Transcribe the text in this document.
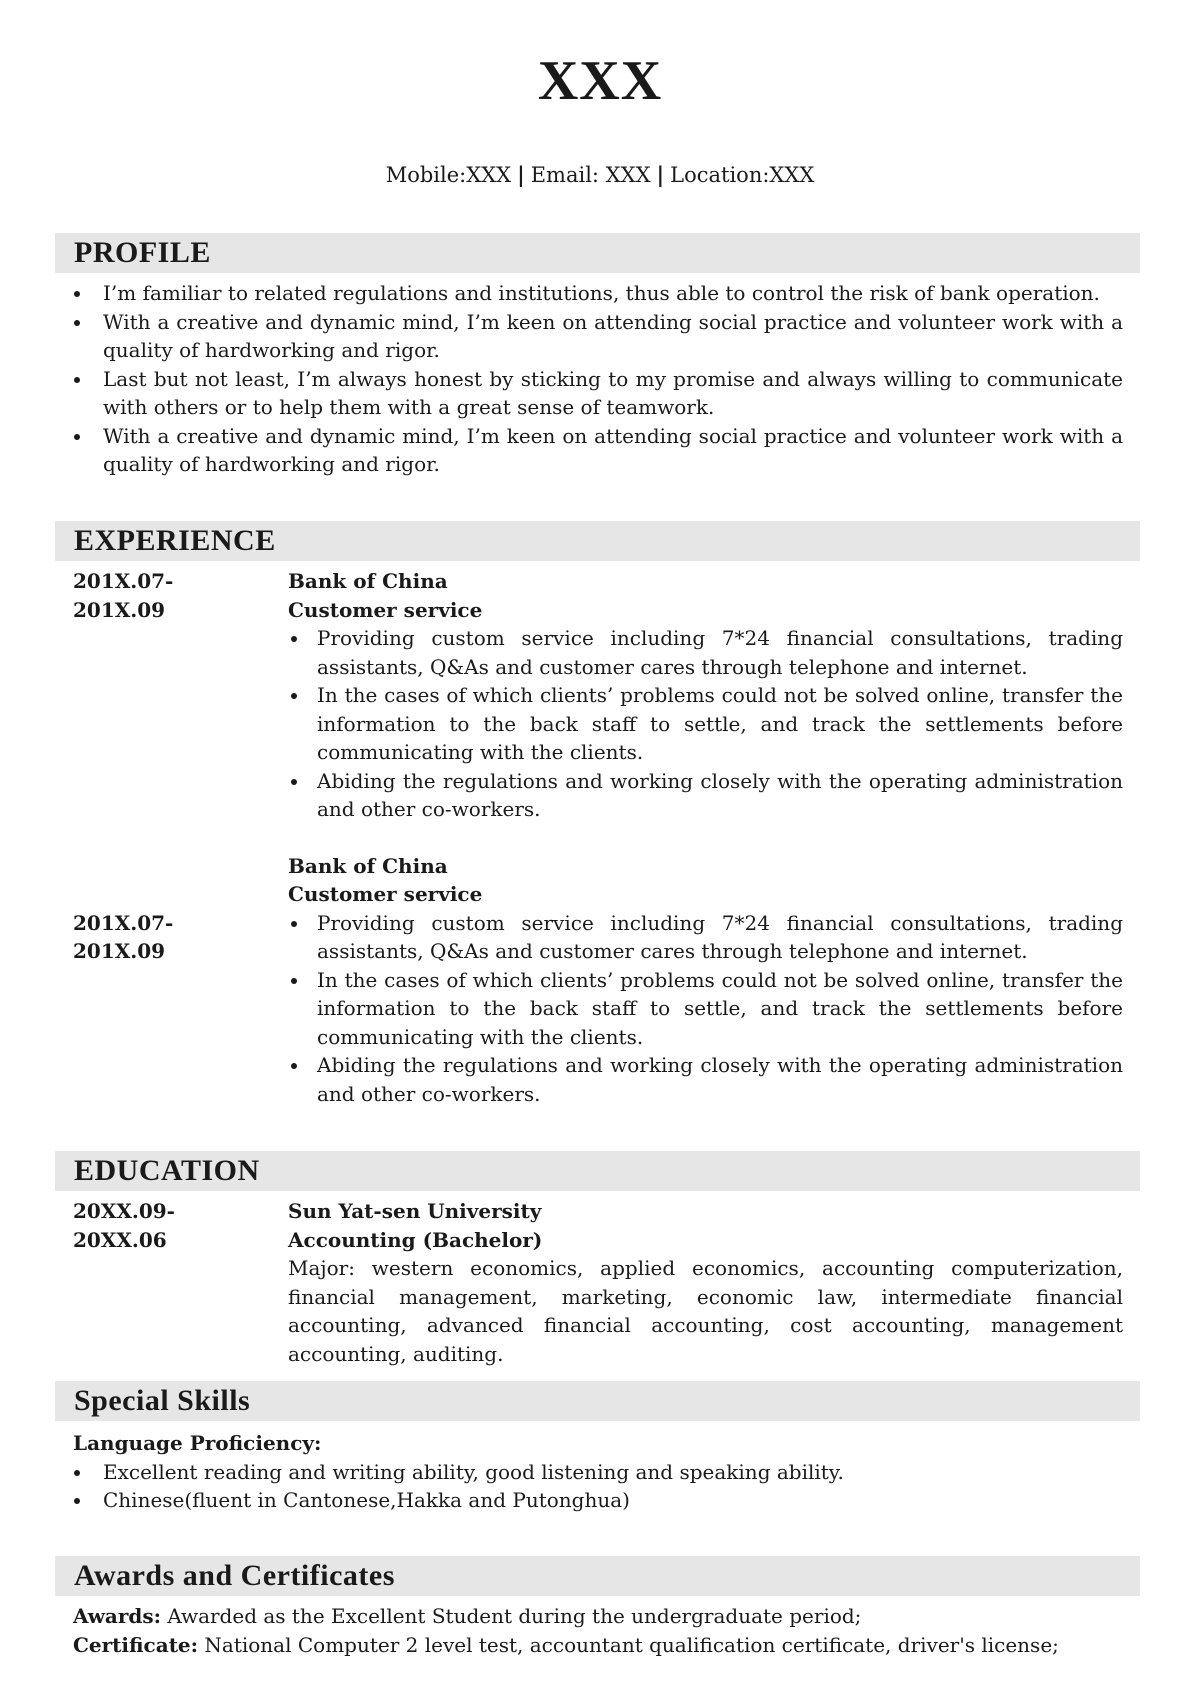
XXX
Mobile:XXX | Email: XXX | Location:XXX
PROFILE
I’m familiar to related regulations and institutions, thus able to control the risk of bank operation.
With a creative and dynamic mind, I’m keen on attending social practice and volunteer work with a quality of hardworking and rigor.
Last but not least, I’m always honest by sticking to my promise and always willing to communicate with others or to help them with a great sense of teamwork.
With a creative and dynamic mind, I’m keen on attending social practice and volunteer work with a quality of hardworking and rigor.
EXPERIENCE
201X.07-
201X.09
Bank of China
Customer service
Providing custom service including 7*24 financial consultations, trading assistants, Q&As and customer cares through telephone and internet.
In the cases of which clients’ problems could not be solved online, transfer the information to the back staff to settle, and track the settlements before communicating with the clients.
Abiding the regulations and working closely with the operating administration and other co-workers.
201X.07-
201X.09
Bank of China
Customer service
Providing custom service including 7*24 financial consultations, trading assistants, Q&As and customer cares through telephone and internet.
In the cases of which clients’ problems could not be solved online, transfer the information to the back staff to settle, and track the settlements before communicating with the clients.
Abiding the regulations and working closely with the operating administration and other co-workers.
EDUCATION
20XX.09-
20XX.06
Sun Yat-sen University
Accounting (Bachelor)
Major: western economics, applied economics, accounting computerization, financial management, marketing, economic law, intermediate financial accounting, advanced financial accounting, cost accounting, management accounting, auditing.
Special Skills
Language Proficiency:
Excellent reading and writing ability, good listening and speaking ability.
Chinese(fluent in Cantonese,Hakka and Putonghua)
Awards and Certificates
Awards: Awarded as the Excellent Student during the undergraduate period;
Certificate: National Computer 2 level test, accountant qualification certificate, driver's license;
